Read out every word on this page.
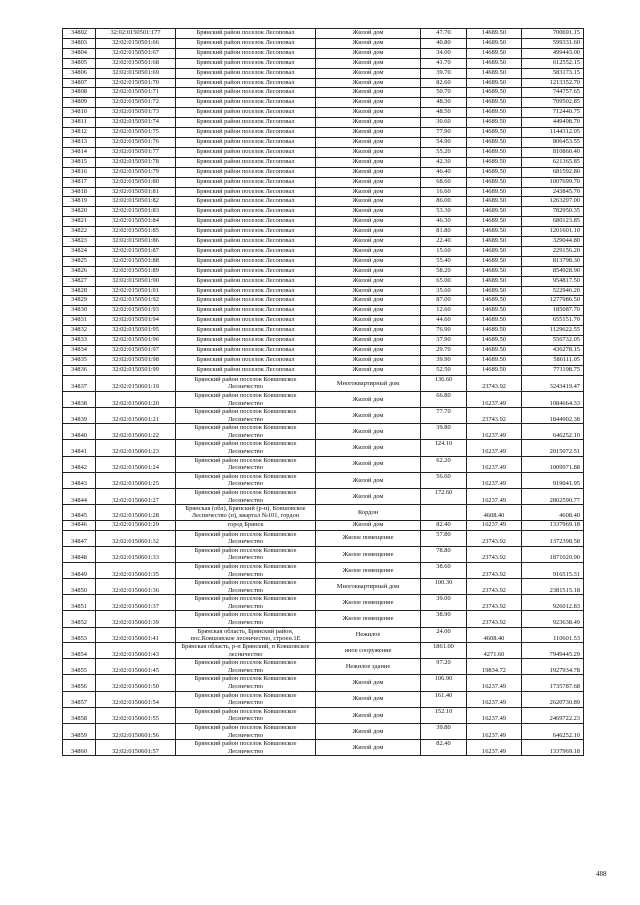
34802	32:02:0150501:177	Брянский район поселок Лесоповал	Жилой дом	47.70	14689.50	700691.15
34803	32:02:0150501:66	Брянский район поселок Лесоповал	Жилой дом	40.80	14689.50	599331.60
34804	32:02:0150501:67	Брянский район поселок Лесоповал	Жилой дом	34.00	14689.50	499443.00
34805	32:02:0150501:68	Брянский район поселок Лесоповал	Жилой дом	41.70	14689.50	612552.15
34806	32:02:0150501:69	Брянский район поселок Лесоповал	Жилой дом	39.70	14689.50	583173.15
34807	32:02:0150501:70	Брянский район поселок Лесоповал	Жилой дом	82.60	14689.50	1213352.70
34808	32:02:0150501:71	Брянский район поселок Лесоповал	Жилой дом	50.70	14689.50	744757.65
34809	32:02:0150501:72	Брянский район поселок Лесоповал	Жилой дом	48.30	14689.50	709502.85
34810	32:02:0150501:73	Брянский район поселок Лесоповал	Жилой дом	48.50	14689.50	712440.75
34811	32:02:0150501:74	Брянский район поселок Лесоповал	Жилой дом	30.60	14689.50	449498.70
34812	32:02:0150501:75	Брянский район поселок Лесоповал	Жилой дом	77.90	14689.50	1144312.05
34813	32:02:0150501:76	Брянский район поселок Лесоповал	Жилой дом	54.90	14689.50	806453.55
34814	32:02:0150501:77	Брянский район поселок Лесоповал	Жилой дом	55.20	14689.50	810860.40
34815	32:02:0150501:78	Брянский район поселок Лесоповал	Жилой дом	42.30	14689.50	621365.85
34816	32:02:0150501:79	Брянский район поселок Лесоповал	Жилой дом	46.40	14689.50	681592.80
34817	32:02:0150501:80	Брянский район поселок Лесоповал	Жилой дом	68.60	14689.50	1007699.70
34818	32:02:0150501:81	Брянский район поселок Лесоповал	Жилой дом	16.60	14689.50	243845.70
34819	32:02:0150501:82	Брянский район поселок Лесоповал	Жилой дом	86.00	14689.50	1263297.00
34820	32:02:0150501:83	Брянский район поселок Лесоповал	Жилой дом	53.30	14689.50	782950.35
34821	32:02:0150501:84	Брянский район поселок Лесоповал	Жилой дом	46.30	14689.50	680123.85
34822	32:02:0150501:85	Брянский район поселок Лесоповал	Жилой дом	81.80	14689.50	1201601.10
34823	32:02:0150501:86	Брянский район поселок Лесоповал	Жилой дом	22.40	14689.50	329044.80
34824	32:02:0150501:87	Брянский район поселок Лесоповал	Жилой дом	15.60	14689.50	229156.20
34825	32:02:0150501:88	Брянский район поселок Лесоповал	Жилой дом	55.40	14689.50	813798.30
34826	32:02:0150501:89	Брянский район поселок Лесоповал	Жилой дом	58.20	14689.50	854928.90
34827	32:02:0150501:90	Брянский район поселок Лесоповал	Жилой дом	65.00	14689.50	954817.50
34828	32:02:0150501:91	Брянский район поселок Лесоповал	Жилой дом	35.60	14689.50	522946.20
34829	32:02:0150501:92	Брянский район поселок Лесоповал	Жилой дом	87.00	14689.50	1277986.50
34830	32:02:0150501:93	Брянский район поселок Лесоповал	Жилой дом	12.60	14689.50	185087.70
34831	32:02:0150501:94	Брянский район поселок Лесоповал	Жилой дом	44.60	14689.50	655151.70
34832	32:02:0150501:95	Брянский район поселок Лесоповал	Жилой дом	76.90	14689.50	1129622.55
34833	32:02:0150501:96	Брянский район поселок Лесоповал	Жилой дом	37.90	14689.50	556732.05
34834	32:02:0150501:97	Брянский район поселок Лесоповал	Жилой дом	29.70	14689.50	436278.15
34835	32:02:0150501:98	Брянский район поселок Лесоповал	Жилой дом	39.90	14689.50	586111.05
34836	32:02:0150501:99	Брянский район поселок Лесоповал	Жилой дом	52.50	14689.50	771198.75
34837	32:02:0150601:19	Брянский район поселок Ковшовское Лесничество	Многоквартирный дом	136.60	23743.92	3243419.47
34838	32:02:0150601:20	Брянский район поселок Ковшовское Лесничество	Жилой дом	66.80	16237.49	1084664.33
34839	32:02:0150601:21	Брянский район поселок Ковшовское Лесничество	Жилой дом	77.70	23743.92	1844902.38
34840	32:02:0150601:22	Брянский район поселок Ковшовское Лесничество	Жилой дом	39.80	16237.49	646252.10
34841	32:02:0150601:23	Брянский район поселок Ковшовское Лесничество	Жилой дом	124.10	16237.49	2015072.51
34842	32:02:0150601:24	Брянский район поселок Ковшовское Лесничество	Жилой дом	62.20	16237.49	1009971.88
34843	32:02:0150601:25	Брянский район поселок Ковшовское Лесничество	Жилой дом	56.60	16237.49	919041.95
34844	32:02:0150601:27	Брянский район поселок Ковшовское Лесничество	Жилой дом	172.60	16237.49	2802590.77
34845	32:02:0150601:28	Брянская (обл), Брянский (р-н), Ковшовское Лесничество (п), квартал №101, гордон	Кордон		4608.40	4608.40
34846	32:02:0150601:29	город Брянск	Жилой дом	82.40	16237.49	1337969.18
34847	32:02:0150601:32	Брянский район поселок Ковшовское Лесничество	Жилое помещение	57.80	23743.92	1372398.58
34848	32:02:0150601:33	Брянский район поселок Ковшовское Лесничество	Жилое помещение	78.80	23743.92	1871020.90
34849	32:02:0150601:35	Брянский район поселок Ковшовское Лесничество	Жилое помещение	38.60	23743.92	916515.31
34850	32:02:0150601:36	Брянский район поселок Ковшовское Лесничество	Многоквартирный дом	100.30	23743.92	2381515.18
34851	32:02:0150601:37	Брянский район поселок Ковшовское Лесничество	Жилое помещение	39.00	23743.92	926012.83
34852	32:02:0150601:39	Брянский район поселок Ковшовское Лесничество	Жилое помещение	38.90	23743.92	923638.49
34853	32:02:0150601:41	Брянская область, Брянский район, пос.Ковшовское лесничество, строен.1Е	Нежилое	24.00	4608.40	110601.53
34854	32:02:0150601:43	Брянская область, р-н Брянский, п Ковшовское лесничество	иное сооружение	1861.00	4271.60	7949445.29
34855	32:02:0150601:45	Брянский район поселок Ковшовское Лесничество	Нежилое здание	97.20	19834.72	1927934.78
34856	32:02:0150601:50	Брянский район поселок Ковшовское Лесничество	Жилой дом	106.90	16237.49	1735787.68
34857	32:02:0150601:54	Брянский район поселок Ковшовское Лесничество	Жилой дом	161.40	16237.49	2620730.89
34858	32:02:0150601:55	Брянский район поселок Ковшовское Лесничество	Жилой дом	152.10	16237.49	2469722.23
34859	32:02:0150601:56	Брянский район поселок Ковшовское Лесничество	Жилой дом	39.80	16237.49	646252.10
34860	32:02:0150601:57	Брянский район поселок Ковшовское Лесничество	Жилой дом	82.40	16237.49	1337969.18
488
